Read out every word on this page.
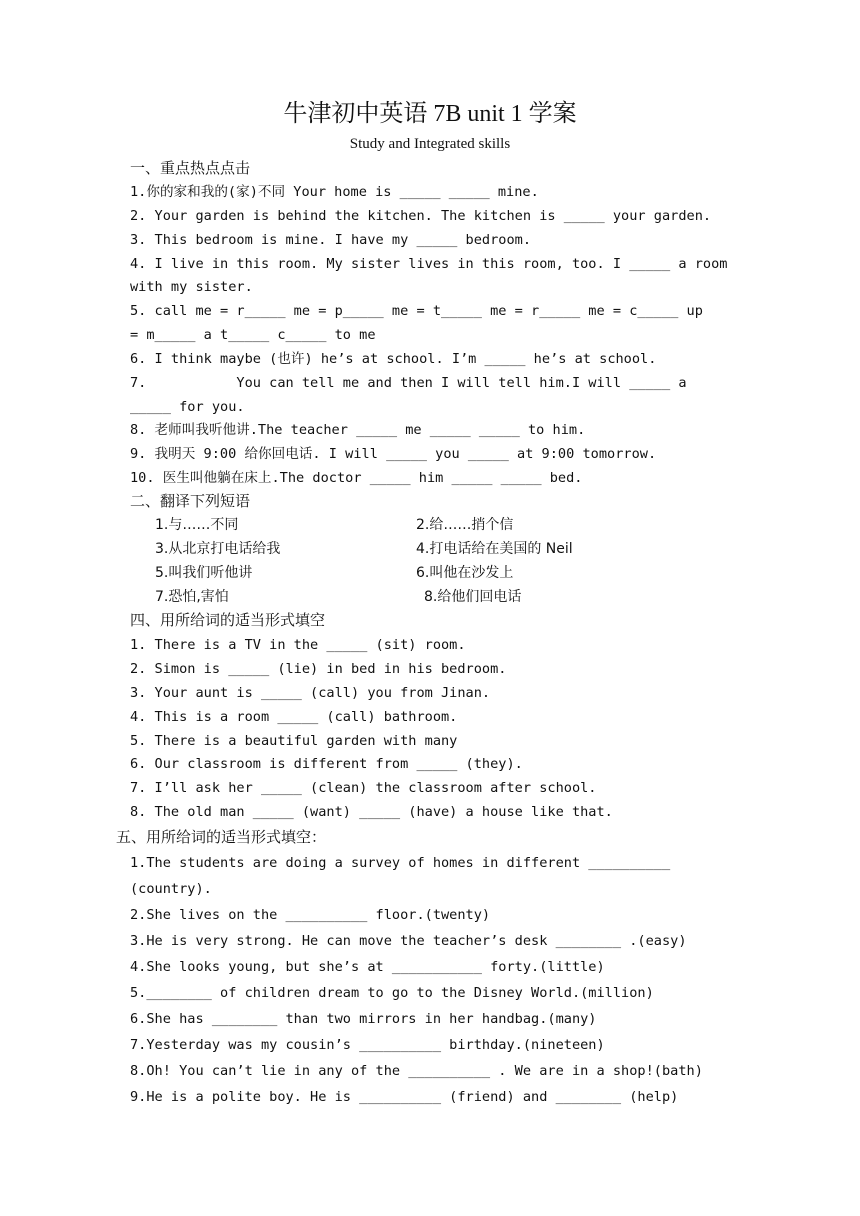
牛津初中英语 7B unit 1 学案
Study and Integrated skills
一、重点热点点击
1.你的家和我的(家)不同 Your home is _____ _____ mine.
2. Your garden is behind the kitchen. The kitchen is _____ your garden.
3. This bedroom is mine. I have my _____ bedroom.
4. I live in this room. My sister lives in this room, too. I _____ a room
with my sister.
5. call me = r_____ me = p_____ me = t_____ me = r_____ me = c_____ up
= m_____ a t_____ c_____ to me
6. I think maybe (也许) he’s at school. I’m _____ he’s at school.
7.           You can tell me and then I will tell him.I will _____ a
_____ for you.
8. 老师叫我听他讲.The teacher _____ me _____ _____ to him.
9. 我明天 9:00 给你回电话. I will _____ you _____ at 9:00 tomorrow.
10. 医生叫他躺在床上.The doctor _____ him _____ _____ bed.
二、翻译下列短语
1.与……不同	2.给……捎个信
3.从北京打电话给我	4.打电话给在美国的 Neil
5.叫我们听他讲	6.叫他在沙发上
7.恐怕,害怕	8.给他们回电话
四、用所给词的适当形式填空
1. There is a TV in the _____ (sit) room.
2. Simon is _____ (lie) in bed in his bedroom.
3. Your aunt is _____ (call) you from Jinan.
4. This is a room _____ (call) bathroom.
5. There is a beautiful garden with many
6. Our classroom is different from _____ (they).
7. I’ll ask her _____ (clean) the classroom after school.
8. The old man _____ (want) _____ (have) a house like that.
五、用所给词的适当形式填空：
1.The students are doing a survey of homes in different __________
(country).
2.She lives on the __________ floor.(twenty)
3.He is very strong. He can move the teacher’s desk ________ .(easy)
4.She looks young, but she’s at ___________ forty.(little)
5.________ of children dream to go to the Disney World.(million)
6.She has ________ than two mirrors in her handbag.(many)
7.Yesterday was my cousin’s __________ birthday.(nineteen)
8.Oh! You can’t lie in any of the __________ . We are in a shop!(bath)
9.He is a polite boy. He is __________ (friend) and ________ (help)
